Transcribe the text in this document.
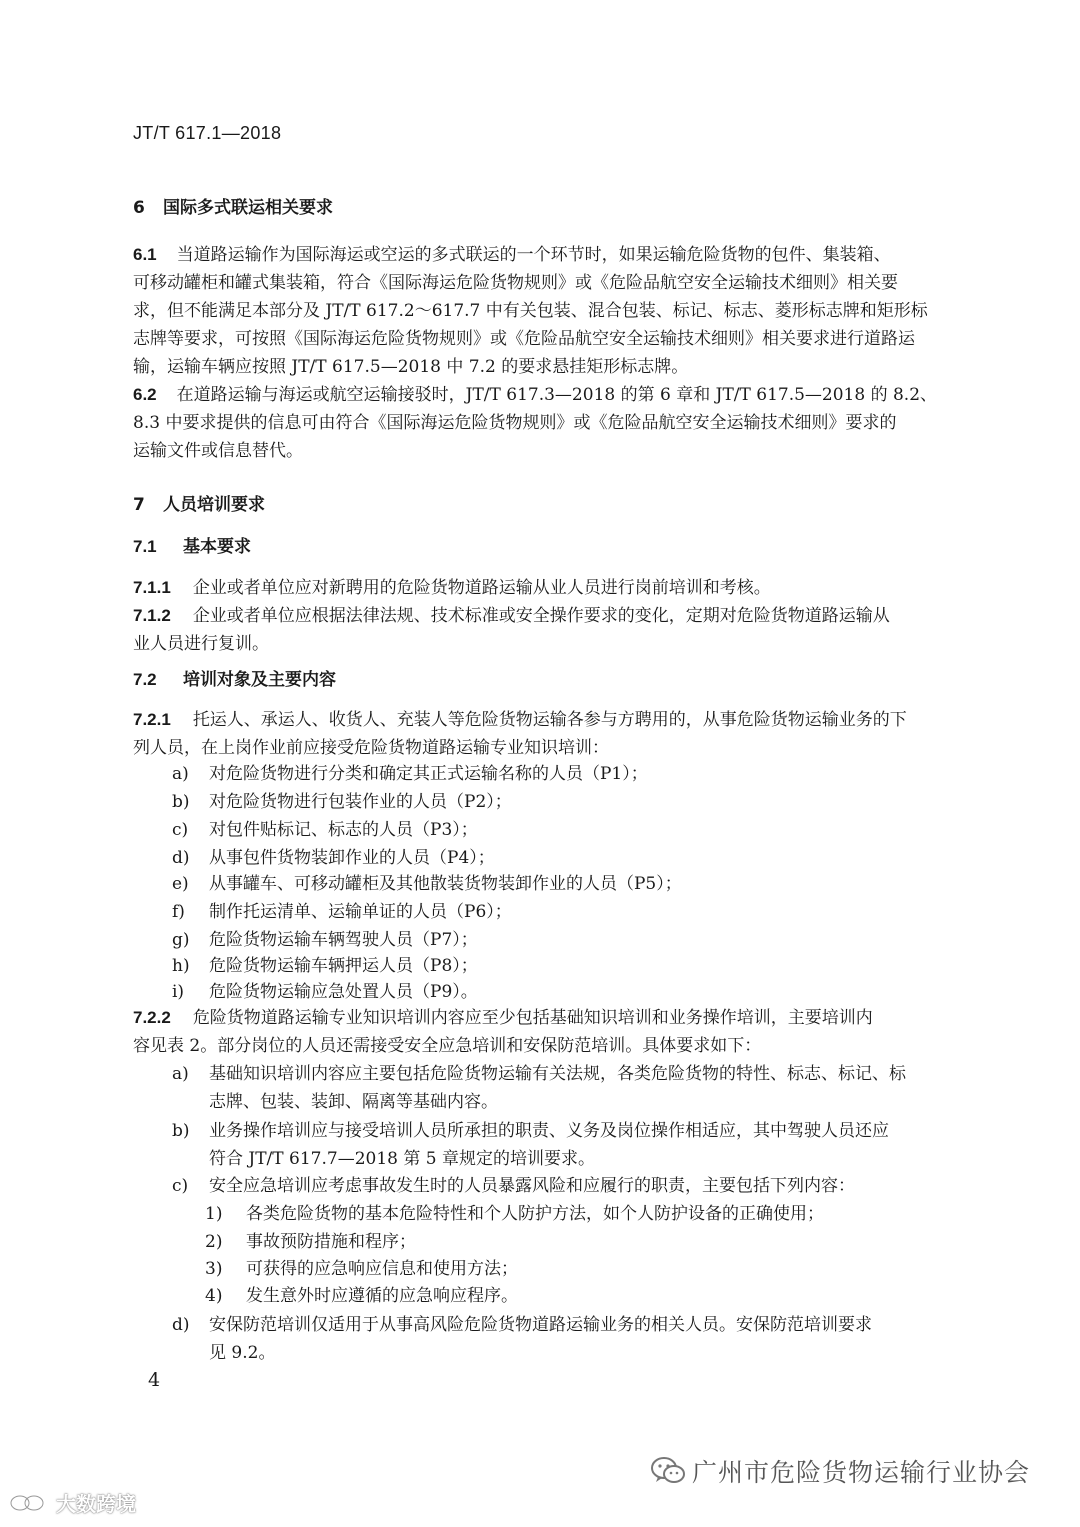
JT/T 617.1—2018
6 国际多式联运相关要求
6.1 当道路运输作为国际海运或空运的多式联运的一个环节时，如果运输危险货物的包件、集装箱、
可移动罐柜和罐式集装箱，符合《国际海运危险货物规则》或《危险品航空安全运输技术细则》相关要
求，但不能满足本部分及 JT/T 617.2～617.7 中有关包装、混合包装、标记、标志、菱形标志牌和矩形标
志牌等要求，可按照《国际海运危险货物规则》或《危险品航空安全运输技术细则》相关要求进行道路运
输，运输车辆应按照 JT/T 617.5—2018 中 7.2 的要求悬挂矩形标志牌。
6.2 在道路运输与海运或航空运输接驳时，JT/T 617.3—2018 的第 6 章和 JT/T 617.5—2018 的 8.2、
8.3 中要求提供的信息可由符合《国际海运危险货物规则》或《危险品航空安全运输技术细则》要求的
运输文件或信息替代。
7 人员培训要求
7.1 基本要求
7.1.1 企业或者单位应对新聘用的危险货物道路运输从业人员进行岗前培训和考核。
7.1.2 企业或者单位应根据法律法规、技术标准或安全操作要求的变化，定期对危险货物道路运输从
业人员进行复训。
7.2 培训对象及主要内容
7.2.1 托运人、承运人、收货人、充装人等危险货物运输各参与方聘用的，从事危险货物运输业务的下
列人员，在上岗作业前应接受危险货物道路运输专业知识培训：
a) 对危险货物进行分类和确定其正式运输名称的人员（P1）；
b) 对危险货物进行包装作业的人员（P2）；
c) 对包件贴标记、标志的人员（P3）；
d) 从事包件货物装卸作业的人员（P4）；
e) 从事罐车、可移动罐柜及其他散装货物装卸作业的人员（P5）；
f) 制作托运清单、运输单证的人员（P6）；
g) 危险货物运输车辆驾驶人员（P7）；
h) 危险货物运输车辆押运人员（P8）；
i) 危险货物运输应急处置人员（P9）。
7.2.2 危险货物道路运输专业知识培训内容应至少包括基础知识培训和业务操作培训，主要培训内
容见表 2。部分岗位的人员还需接受安全应急培训和安保防范培训。具体要求如下：
a) 基础知识培训内容应主要包括危险货物运输有关法规，各类危险货物的特性、标志、标记、标
志牌、包装、装卸、隔离等基础内容。
b) 业务操作培训应与接受培训人员所承担的职责、义务及岗位操作相适应，其中驾驶人员还应
符合 JT/T 617.7—2018 第 5 章规定的培训要求。
c) 安全应急培训应考虑事故发生时的人员暴露风险和应履行的职责，主要包括下列内容：
1) 各类危险货物的基本危险特性和个人防护方法，如个人防护设备的正确使用；
2) 事故预防措施和程序；
3) 可获得的应急响应信息和使用方法；
4) 发生意外时应遵循的应急响应程序。
d) 安保防范培训仅适用于从事高风险危险货物道路运输业务的相关人员。安保防范培训要求
见 9.2。
4
广州市危险货物运输行业协会
大数跨境
